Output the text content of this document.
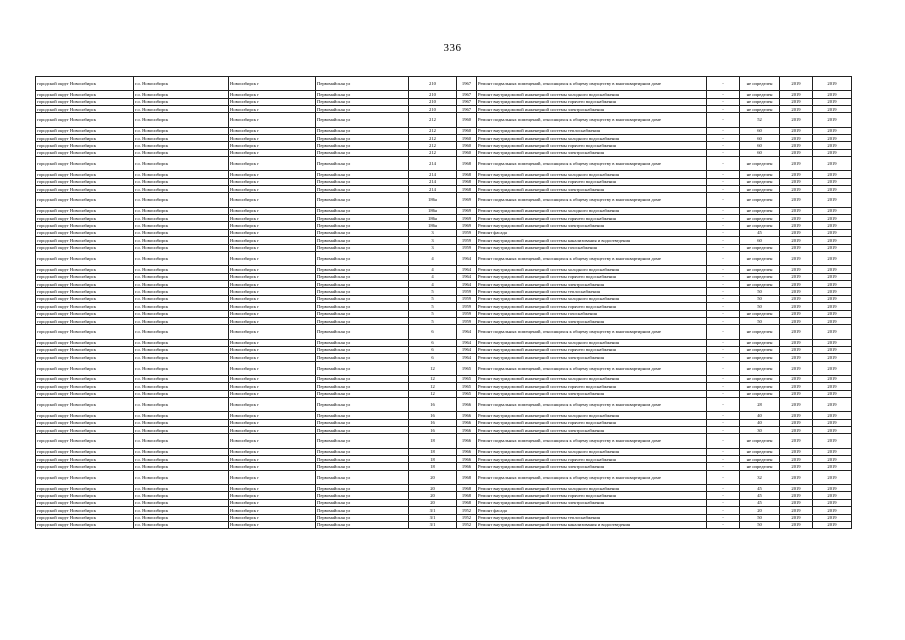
336
городской округ Новосибирск	г.о. Новосибирск	Новосибирск г	Первомайская ул	210	1967	Ремонт подвальных помещений, относящихся к общему имуществу в многоквартирном доме	-	не определен	2019	2019
городской округ Новосибирск	г.о. Новосибирск	Новосибирск г	Первомайская ул	210	1967	Ремонт внутридомовой инженерной системы холодного водоснабжения	-	не определен	2019	2019
городской округ Новосибирск	г.о. Новосибирск	Новосибирск г	Первомайская ул	210	1967	Ремонт внутридомовой инженерной системы горячего водоснабжения	-	не определен	2019	2019
городской округ Новосибирск	г.о. Новосибирск	Новосибирск г	Первомайская ул	210	1967	Ремонт внутридомовой инженерной системы электроснабжения	-	не определен	2019	2019
городской округ Новосибирск	г.о. Новосибирск	Новосибирск г	Первомайская ул	212	1960	Ремонт подвальных помещений, относящихся к общему имуществу в многоквартирном доме	-	52	2019	2019
городской округ Новосибирск	г.о. Новосибирск	Новосибирск г	Первомайская ул	212	1960	Ремонт внутридомовой инженерной системы теплоснабжения	-	60	2019	2019
городской округ Новосибирск	г.о. Новосибирск	Новосибирск г	Первомайская ул	212	1960	Ремонт внутридомовой инженерной системы холодного водоснабжения	-	60	2019	2019
городской округ Новосибирск	г.о. Новосибирск	Новосибирск г	Первомайская ул	212	1960	Ремонт внутридомовой инженерной системы горячего водоснабжения	-	60	2019	2019
городской округ Новосибирск	г.о. Новосибирск	Новосибирск г	Первомайская ул	212	1960	Ремонт внутридомовой инженерной системы электроснабжения	-	60	2019	2019
городской округ Новосибирск	г.о. Новосибирск	Новосибирск г	Первомайская ул	214	1968	Ремонт подвальных помещений, относящихся к общему имуществу в многоквартирном доме	-	не определен	2019	2019
городской округ Новосибирск	г.о. Новосибирск	Новосибирск г	Первомайская ул	214	1968	Ремонт внутридомовой инженерной системы холодного водоснабжения	-	не определен	2019	2019
городской округ Новосибирск	г.о. Новосибирск	Новосибирск г	Первомайская ул	214	1968	Ремонт внутридомовой инженерной системы горячего водоснабжения	-	не определен	2019	2019
городской округ Новосибирск	г.о. Новосибирск	Новосибирск г	Первомайская ул	214	1968	Ремонт внутридомовой инженерной системы электроснабжения	-	не определен	2019	2019
городской округ Новосибирск	г.о. Новосибирск	Новосибирск г	Первомайская ул	186а	1969	Ремонт подвальных помещений, относящихся к общему имуществу в многоквартирном доме	-	не определен	2019	2019
городской округ Новосибирск	г.о. Новосибирск	Новосибирск г	Первомайская ул	186а	1969	Ремонт внутридомовой инженерной системы холодного водоснабжения	-	не определен	2019	2019
городской округ Новосибирск	г.о. Новосибирск	Новосибирск г	Первомайская ул	186а	1969	Ремонт внутридомовой инженерной системы горячего водоснабжения	-	не определен	2019	2019
городской округ Новосибирск	г.о. Новосибирск	Новосибирск г	Первомайская ул	186а	1969	Ремонт внутридомовой инженерной системы электроснабжения	-	не определен	2019	2019
городской округ Новосибирск	г.о. Новосибирск	Новосибирск г	Первомайская ул	3	1959	Ремонт фасада	-	45	2019	2019
городской округ Новосибирск	г.о. Новосибирск	Новосибирск г	Первомайская ул	3	1959	Ремонт внутридомовой инженерной системы канализования и водоотведения	-	60	2019	2019
городской округ Новосибирск	г.о. Новосибирск	Новосибирск г	Первомайская ул	3	1959	Ремонт внутридомовой инженерной системы газоснабжения	-	не определен	2019	2019
городской округ Новосибирск	г.о. Новосибирск	Новосибирск г	Первомайская ул	4	1964	Ремонт подвальных помещений, относящихся к общему имуществу в многоквартирном доме	-	не определен	2019	2019
городской округ Новосибирск	г.о. Новосибирск	Новосибирск г	Первомайская ул	4	1964	Ремонт внутридомовой инженерной системы холодного водоснабжения	-	не определен	2019	2019
городской округ Новосибирск	г.о. Новосибирск	Новосибирск г	Первомайская ул	4	1964	Ремонт внутридомовой инженерной системы горячего водоснабжения	-	не определен	2019	2019
городской округ Новосибирск	г.о. Новосибирск	Новосибирск г	Первомайская ул	4	1964	Ремонт внутридомовой инженерной системы электроснабжения	-	не определен	2019	2019
городской округ Новосибирск	г.о. Новосибирск	Новосибирск г	Первомайская ул	5	1959	Ремонт внутридомовой инженерной системы теплоснабжения	-	50	2019	2019
городской округ Новосибирск	г.о. Новосибирск	Новосибирск г	Первомайская ул	5	1959	Ремонт внутридомовой инженерной системы холодного водоснабжения	-	50	2019	2019
городской округ Новосибирск	г.о. Новосибирск	Новосибирск г	Первомайская ул	5	1959	Ремонт внутридомовой инженерной системы горячего водоснабжения	-	50	2019	2019
городской округ Новосибирск	г.о. Новосибирск	Новосибирск г	Первомайская ул	5	1959	Ремонт внутридомовой инженерной системы газоснабжения	-	не определен	2019	2019
городской округ Новосибирск	г.о. Новосибирск	Новосибирск г	Первомайская ул	5	1959	Ремонт внутридомовой инженерной системы электроснабжения	-	50	2019	2019
городской округ Новосибирск	г.о. Новосибирск	Новосибирск г	Первомайская ул	6	1964	Ремонт подвальных помещений, относящихся к общему имуществу в многоквартирном доме	-	не определен	2019	2019
городской округ Новосибирск	г.о. Новосибирск	Новосибирск г	Первомайская ул	6	1964	Ремонт внутридомовой инженерной системы холодного водоснабжения	-	не определен	2019	2019
городской округ Новосибирск	г.о. Новосибирск	Новосибирск г	Первомайская ул	6	1964	Ремонт внутридомовой инженерной системы горячего водоснабжения	-	не определен	2019	2019
городской округ Новосибирск	г.о. Новосибирск	Новосибирск г	Первомайская ул	6	1964	Ремонт внутридомовой инженерной системы электроснабжения	-	не определен	2019	2019
городской округ Новосибирск	г.о. Новосибирск	Новосибирск г	Первомайская ул	12	1965	Ремонт подвальных помещений, относящихся к общему имуществу в многоквартирном доме	-	не определен	2019	2019
городской округ Новосибирск	г.о. Новосибирск	Новосибирск г	Первомайская ул	12	1965	Ремонт внутридомовой инженерной системы холодного водоснабжения	-	не определен	2019	2019
городской округ Новосибирск	г.о. Новосибирск	Новосибирск г	Первомайская ул	12	1965	Ремонт внутридомовой инженерной системы горячего водоснабжения	-	не определен	2019	2019
городской округ Новосибирск	г.о. Новосибирск	Новосибирск г	Первомайская ул	12	1965	Ремонт внутридомовой инженерной системы электроснабжения	-	не определен	2019	2019
городской округ Новосибирск	г.о. Новосибирск	Новосибирск г	Первомайская ул	16	1966	Ремонт подвальных помещений, относящихся к общему имуществу в многоквартирном доме	-	28	2019	2019
городской округ Новосибирск	г.о. Новосибирск	Новосибирск г	Первомайская ул	16	1966	Ремонт внутридомовой инженерной системы холодного водоснабжения	-	40	2019	2019
городской округ Новосибирск	г.о. Новосибирск	Новосибирск г	Первомайская ул	16	1966	Ремонт внутридомовой инженерной системы горячего водоснабжения	-	40	2019	2019
городской округ Новосибирск	г.о. Новосибирск	Новосибирск г	Первомайская ул	16	1966	Ремонт внутридомовой инженерной системы электроснабжения	-	30	2019	2019
городской округ Новосибирск	г.о. Новосибирск	Новосибирск г	Первомайская ул	18	1966	Ремонт подвальных помещений, относящихся к общему имуществу в многоквартирном доме	-	не определен	2019	2019
городской округ Новосибирск	г.о. Новосибирск	Новосибирск г	Первомайская ул	18	1966	Ремонт внутридомовой инженерной системы холодного водоснабжения	-	не определен	2019	2019
городской округ Новосибирск	г.о. Новосибирск	Новосибирск г	Первомайская ул	18	1966	Ремонт внутридомовой инженерной системы горячего водоснабжения	-	не определен	2019	2019
городской округ Новосибирск	г.о. Новосибирск	Новосибирск г	Первомайская ул	18	1966	Ремонт внутридомовой инженерной системы электроснабжения	-	не определен	2019	2019
городской округ Новосибирск	г.о. Новосибирск	Новосибирск г	Первомайская ул	20	1968	Ремонт подвальных помещений, относящихся к общему имуществу в многоквартирном доме	-	32	2019	2019
городской округ Новосибирск	г.о. Новосибирск	Новосибирск г	Первомайская ул	20	1968	Ремонт внутридомовой инженерной системы холодного водоснабжения	-	45	2019	2019
городской округ Новосибирск	г.о. Новосибирск	Новосибирск г	Первомайская ул	20	1968	Ремонт внутридомовой инженерной системы горячего водоснабжения	-	45	2019	2019
городской округ Новосибирск	г.о. Новосибирск	Новосибирск г	Первомайская ул	20	1968	Ремонт внутридомовой инженерной системы электроснабжения	-	45	2019	2019
городской округ Новосибирск	г.о. Новосибирск	Новосибирск г	Первомайская ул	3/1	1952	Ремонт фасада	-	20	2019	2019
городской округ Новосибирск	г.о. Новосибирск	Новосибирск г	Первомайская ул	3/1	1952	Ремонт внутридомовой инженерной системы теплоснабжения	-	50	2019	2019
городской округ Новосибирск	г.о. Новосибирск	Новосибирск г	Первомайская ул	3/1	1952	Ремонт внутридомовой инженерной системы канализования и водоотведения	-	50	2019	2019
